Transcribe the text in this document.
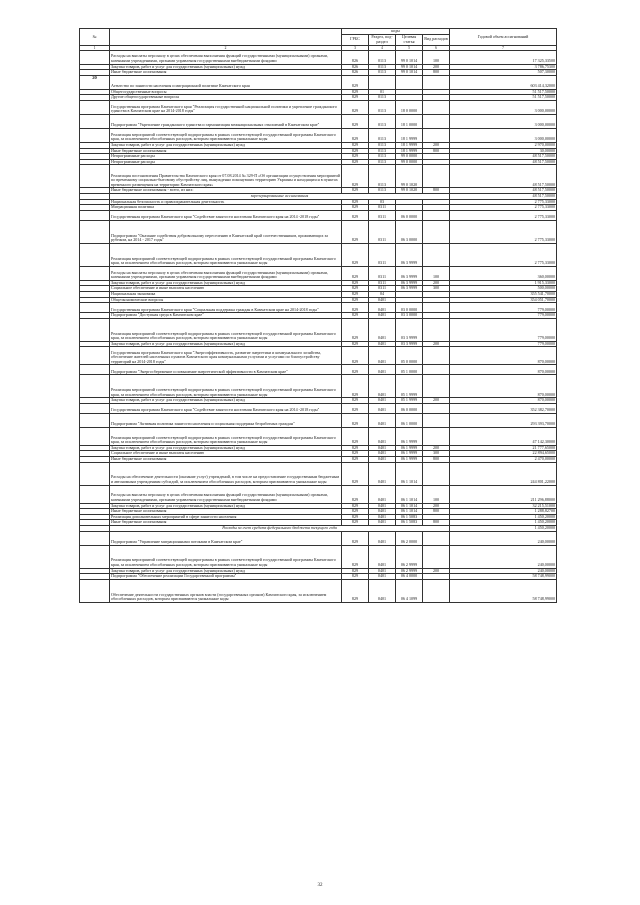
№		коды				Годовой объем ассигнований
		ГРБС	Раздел, под-раздел	Целевая статья	Вид расходов	
1	2	3	4	5	6	7
	Расходы на выплаты персоналу в целях обеспечения выполнения функций государственными (муниципальными) органами, казенными учреждениями, органами управления государственными внебюджетными фондами	826	0113	99 0 1014	100	17 325,33500
	Закупка товаров, работ и услуг для государственных (муниципальных) нужд	826	0113	99 0 1014	200	3 786,75300
	Иные бюджетные ассигнования	826	0113	99 0 1014	800	507,30000
20	Агентство по занятости населения и миграционной политике Камчатского края	829				603 414,32000
	Общегосударственные вопросы	829	01			51 517,50000
	Другие общегосударственные вопросы	829	0113			51 517,50000
	Государственная программа Камчатского края "Реализация государственной национальной политики и укрепление гражданского единства в Камчатском крае на 2014-2018 годы"	829	0113	18 0 0000		3 000,00000
	Подпрограмма "Укрепление гражданского единства и гармонизация межнациональных отношений в Камчатском крае"	829	0113	18 1 0000		3 000,00000
	Реализация мероприятий соответствующей подпрограммы в рамках соответствующей государственной программы Камчатского края, за исключением обособленных расходов, которым присваиваются уникальные коды	829	0113	18 1 9999		3 000,00000
	Закупка товаров, работ и услуг для государственных (муниципальных) нужд	829	0113	18 1 9999	200	2 970,00000
	Иные бюджетные ассигнования	829	0113	18 1 9999	800	30,00000
	Непрограммные расходы	829	0113	99 0 0000		48 517,50000
	Непрограммные расходы	829	0113	99 0 0000		48 517,50000
	Реализация постановления Правительства Камчатского края от 07.08.2014 № 329-П «Об организации осуществления мероприятий по временному социально-бытовому обустройству лиц, вынужденно покинувших территорию Украины и находящихся в пунктах временного размещения на территории Камчатского края»	829	0113	99 0 1020		48 517,50000
	Иные бюджетные ассигнования - всего, из них:	829	0113	99 0 1020	800	48 517,50000
	зарезервированные ассигнования					48 517,50000
	Национальная безопасность и правоохранительная деятельность	829	03			2 775,33000
	Миграционная политика	829	0311			2 775,33000
	Государственная программа Камчатского края "Содействие занятости населения Камчатского края на 2014 -2018 годы"	829	0311	06 0 0000		2 775,33000
	Подпрограмма "Оказание содействия добровольному переселению в Камчатский край соотечественников, проживающих за рубежом, на 2014 - 2017 годы"	829	0311	06 3 0000		2 775,33000
	Реализация мероприятий соответствующей подпрограммы в рамках соответствующей государственной программы Камчатского края, за исключением обособленных расходов, которым присваиваются уникальные коды	829	0311	06 3 9999		2 775,33000
	Расходы на выплаты персоналу в целях обеспечения выполнения функций государственными (муниципальными) органами, казенными учреждениями, органами управления государственными внебюджетными фондами	829	0311	06 3 9999	100	360,00000
	Закупка товаров, работ и услуг для государственных (муниципальных) нужд	829	0311	06 3 9999	200	1 915,33000
	Социальное обеспечение и иные выплаты населению	829	0311	06 3 9999	300	500,00000
	Национальная экономика	829	04			355 541,70000
	Общеэкономические вопросы	829	0401			354 051,70000
	Государственная программа Камчатского края "Социальная поддержка граждан в Камчатском крае на 2014-2018 годы"	829	0401	03 0 0000		779,00000
	Подпрограмма "Доступная среда в Камчатском крае"	829	0401	03 3 0000		779,00000
	Реализация мероприятий соответствующей подпрограммы в рамках соответствующей государственной программы Камчатского края, за исключением обособленных расходов, которым присваиваются уникальные коды	829	0401	03 3 9999		779,00000
	Закупка товаров, работ и услуг для государственных (муниципальных) нужд	829	0401	03 3 9999	200	779,00000
	Государственная программа Камчатского края "Энергоэффективность, развитие энергетики и коммунального хозяйства, обеспечение жителей населенных пунктов Камчатского края коммунальными услугами и услугами по благоустройству территорий на 2014-2018 годы"	829	0401	05 0 0000		870,00000
	Подпрограмма "Энергосбережение и повышение энергетической эффективности в Камчатском крае"	829	0401	05 1 0000		870,00000
	Реализация мероприятий соответствующей подпрограммы в рамках соответствующей государственной программы Камчатского края, за исключением обособленных расходов, которым присваиваются уникальные коды	829	0401	05 1 9999		870,00000
	Закупка товаров, работ и услуг для государственных (муниципальных) нужд	829	0401	05 1 9999	200	870,00000
	Государственная программа Камчатского края "Содействие занятости населения Камчатского края на 2014 -2018 годы"	829	0401	06 0 0000		352 382,70000
	Подпрограмма "Активная политика занятости населения и социальная поддержка безработных граждан"	829	0401	06 1 0000		293 393,70000
	Реализация мероприятий соответствующей подпрограммы в рамках соответствующей государственной программы Камчатского края, за исключением обособленных расходов, которым присваиваются уникальные коды	829	0401	06 1 9999		47 142,30000
	Закупка товаров, работ и услуг для государственных (муниципальных) нужд	829	0401	06 1 9999	200	21 777,65000
	Социальное обеспечение и иные выплаты населению	829	0401	06 1 9999	300	22 894,65000
	Иные бюджетные ассигнования	829	0401	06 1 9999	800	2 470,00000
	Расходы на обеспечение деятельности (оказание услуг) учреждений, в том числе на предоставление государственным бюджетным и автономным учреждениям субсидий, за исключением обособленных расходов, которым присваиваются уникальные коды	829	0401	06 1 1014		244 801,22000
	Расходы на выплаты персоналу в целях обеспечения выполнения функций государственными (муниципальными) органами, казенными учреждениями, органами управления государственными внебюджетными фондами	829	0401	06 1 1014	100	211 296,88000
	Закупка товаров, работ и услуг для государственных (муниципальных) нужд	829	0401	06 1 1014	200	32 215,51000
	Иные бюджетные ассигнования	829	0401	06 1 1014	800	1 288,82700
	Реализация дополнительных мероприятий в сфере занятости населения	829	0401	06 1 5083		1 450,20000
	Иные бюджетные ассигнования	829	0401	06 1 5083	800	1 450,20000
	Расходы за счет средств федерального бюджета текущего года					1 450,20000
	Подпрограмма "Управление миграционными потоками в Камчатском крае"	829	0401	06 2 0000		240,00000
	Реализация мероприятий соответствующей подпрограммы в рамках соответствующей государственной программы Камчатского края, за исключением обособленных расходов, которым присваиваются уникальные коды	829	0401	06 2 9999		240,00000
	Закупка товаров, работ и услуг для государственных (муниципальных) нужд	829	0401	06 2 9999	200	240,00000
	Подпрограмма "Обеспечение реализации Государственной программы"	829	0401	06 4 0000		58 748,99000
	Обеспечение деятельности государственных органов власти (государственных органов) Камчатского края, за исключением обособленных расходов, которым присваиваются уникальные коды	829	0401	06 4 1099		58 748,99000
32
